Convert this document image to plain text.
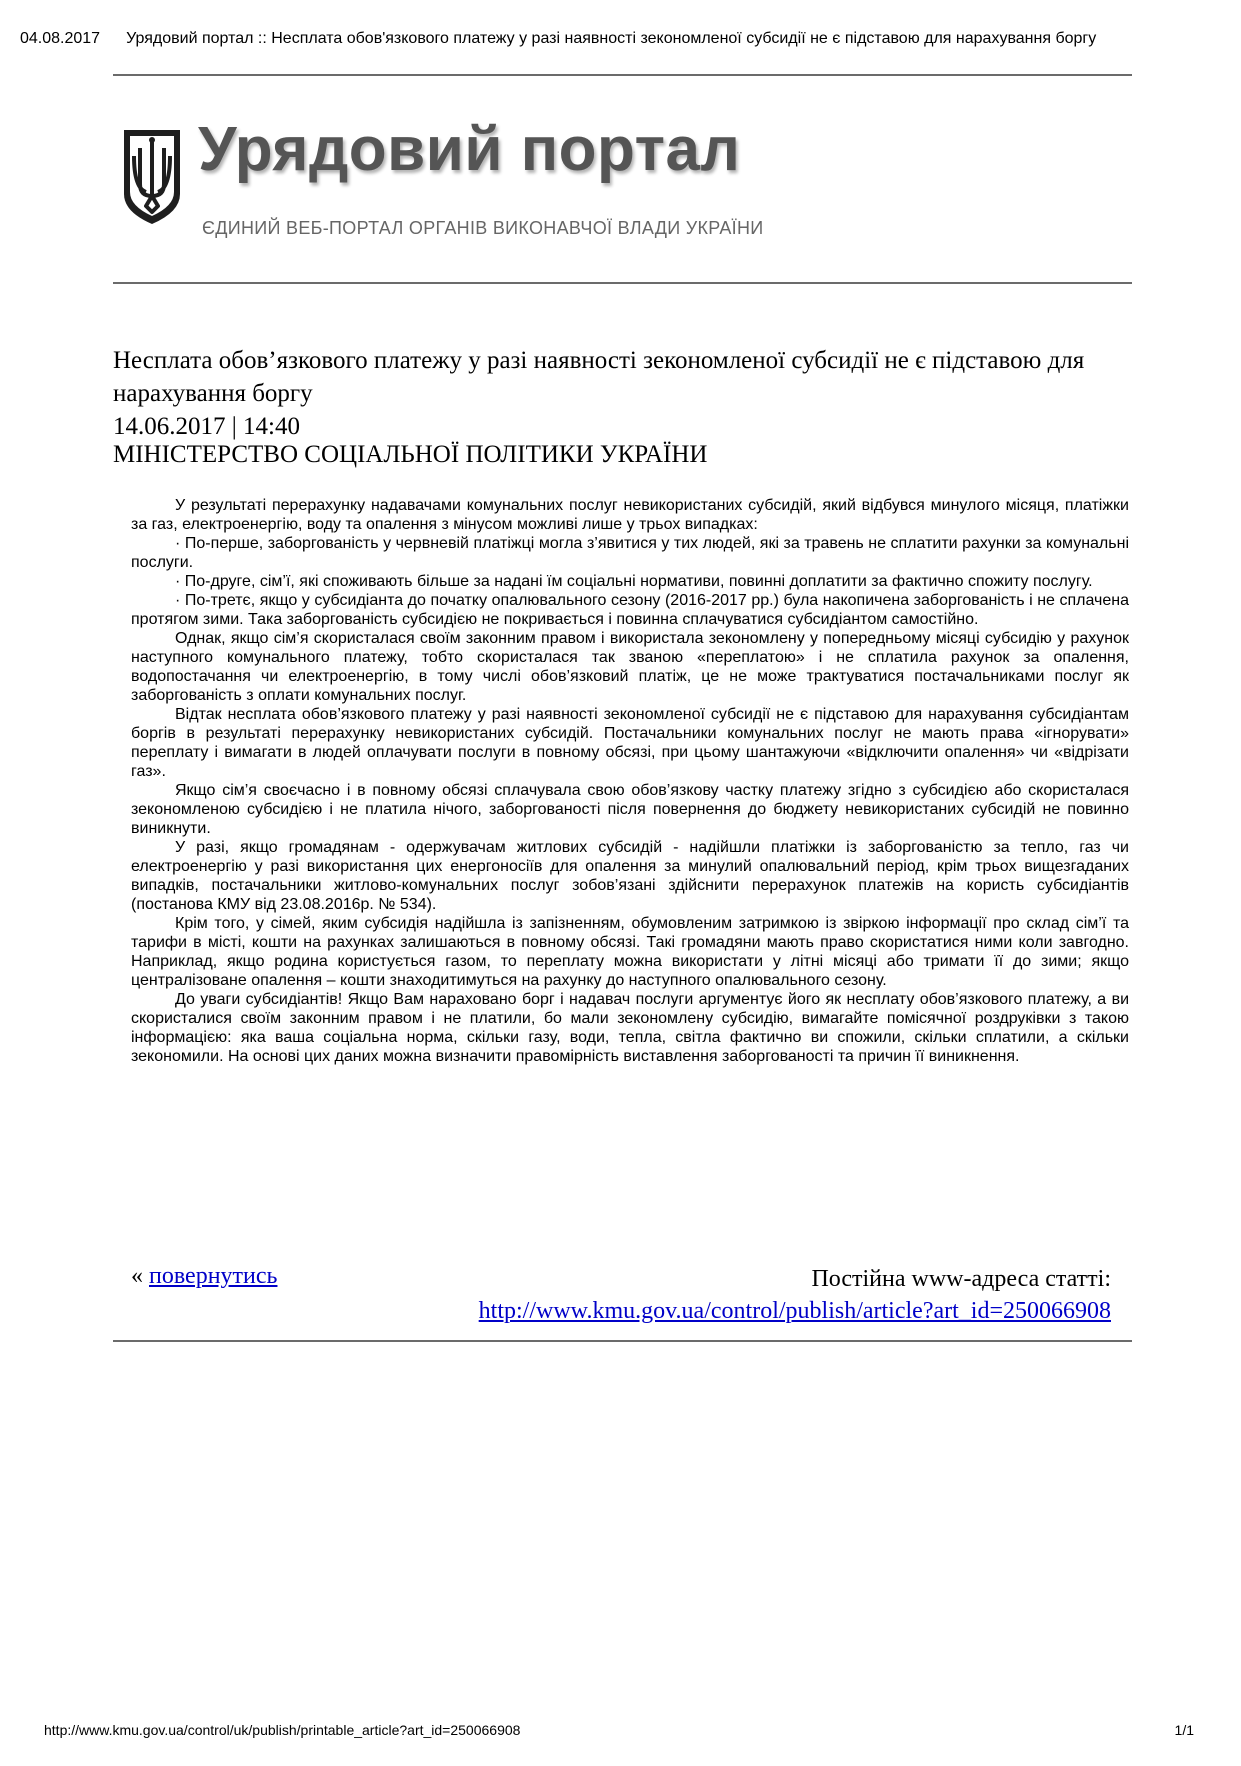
04.08.2017 Урядовий портал :: Несплата обов'язкового платежу у разі наявності зекономленої субсидії не є підставою для нарахування боргу
Урядовий портал
ЄДИНИЙ ВЕБ-ПОРТАЛ ОРГАНІВ ВИКОНАВЧОЇ ВЛАДИ УКРАЇНИ
Несплата обов’язкового платежу у разі наявності зекономленої субсидії не є підставою для нарахування боргу
14.06.2017 | 14:40
МІНІСТЕРСТВО СОЦІАЛЬНОЇ ПОЛІТИКИ УКРАЇНИ

У результаті перерахунку надавачами комунальних послуг невикористаних субсидій, який відбувся минулого місяця, платіжки за газ, електроенергію, воду та опалення з мінусом можливі лише у трьох випадках:

· По-перше, заборгованість у червневій платіжці могла з’явитися у тих людей, які за травень не сплатити рахунки за комунальні послуги.

· По-друге, сім’ї, які споживають більше за надані їм соціальні нормативи, повинні доплатити за фактично спожиту послугу.

· По-третє, якщо у субсидіанта до початку опалювального сезону (2016-2017 рр.) була накопичена заборгованість і не сплачена протягом зими. Така заборгованість субсидією не покривається і повинна сплачуватися субсидіантом самостійно.

Однак, якщо сім’я скористалася своїм законним правом і використала зекономлену у попередньому місяці субсидію у рахунок наступного комунального платежу, тобто скористалася так званою «переплатою» і не сплатила рахунок за опалення, водопостачання чи електроенергію, в тому числі обов’язковий платіж, це не може трактуватися постачальниками послуг як заборгованість з оплати комунальних послуг.

Відтак несплата обов’язкового платежу у разі наявності зекономленої субсидії не є підставою для нарахування субсидіантам боргів в результаті перерахунку невикористаних субсидій. Постачальники комунальних послуг не мають права «ігнорувати» переплату і вимагати в людей оплачувати послуги в повному обсязі, при цьому шантажуючи «відключити опалення» чи «відрізати газ».

Якщо сім’я своєчасно і в повному обсязі сплачувала свою обов’язкову частку платежу згідно з субсидією або скористалася зекономленою субсидією і не платила нічого, заборгованості після повернення до бюджету невикористаних субсидій не повинно виникнути.

У разі, якщо громадянам - одержувачам житлових субсидій - надійшли платіжки із заборгованістю за тепло, газ чи електроенергію у разі використання цих енергоносіїв для опалення за минулий опалювальний період, крім трьох вищезгаданих випадків, постачальники житлово-комунальних послуг зобов’язані здійснити перерахунок платежів на користь субсидіантів (постанова КМУ від 23.08.2016р. № 534).

Крім того, у сімей, яким субсидія надійшла із запізненням, обумовленим затримкою із звіркою інформації про склад сім’ї та тарифи в місті, кошти на рахунках залишаються в повному обсязі. Такі громадяни мають право скористатися ними коли завгодно. Наприклад, якщо родина користується газом, то переплату можна використати у літні місяці або тримати її до зими; якщо централізоване опалення – кошти знаходитимуться на рахунку до наступного опалювального сезону.

До уваги субсидіантів! Якщо Вам нараховано борг і надавач послуги аргументує його як несплату обов’язкового платежу, а ви скористалися своїм законним правом і не платили, бо мали зекономлену субсидію, вимагайте помісячної роздруківки з такою інформацією: яка ваша соціальна норма, скільки газу, води, тепла, світла фактично ви спожили, скільки сплатили, а скільки зекономили. На основі цих даних можна визначити правомірність виставлення заборгованості та причин її виникнення.

« повернутись	Постійна www-адреса статті:
http://www.kmu.gov.ua/control/publish/article?art_id=250066908
http://www.kmu.gov.ua/control/uk/publish/printable_article?art_id=250066908	1/1
